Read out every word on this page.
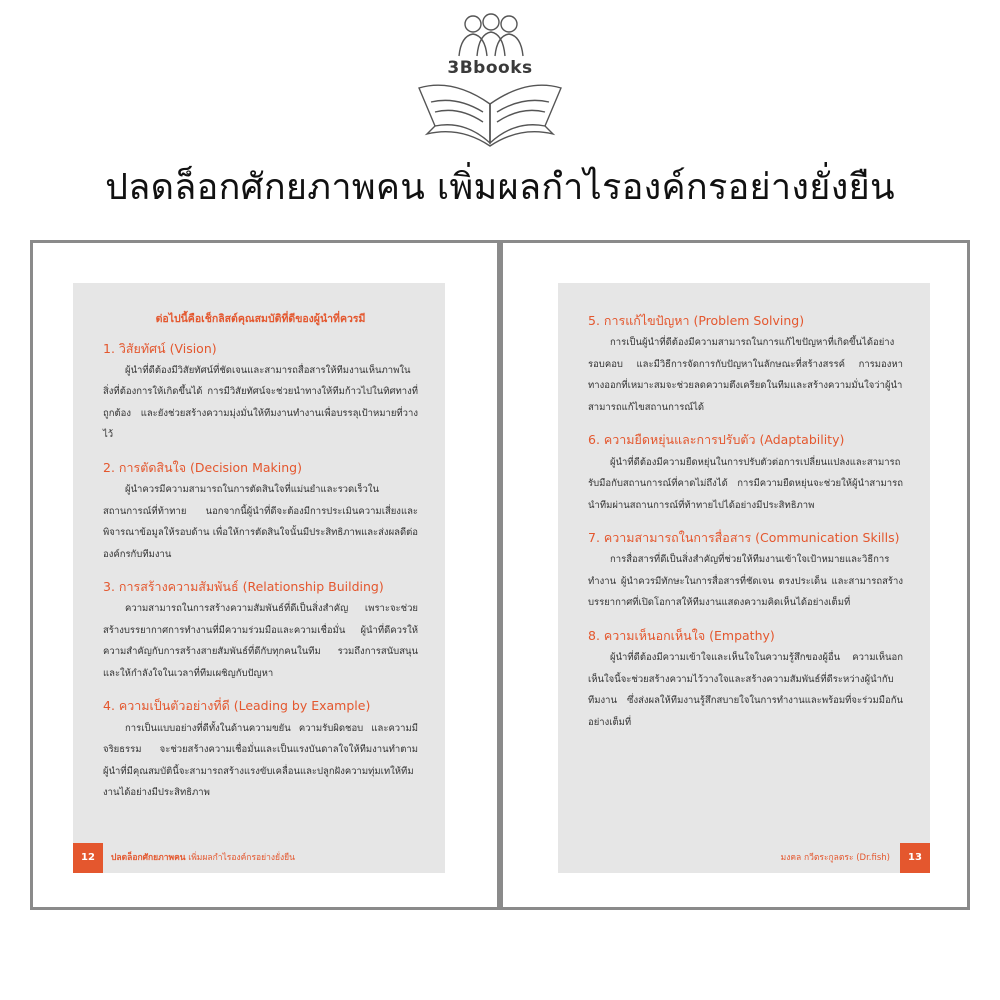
3Bbooks
ปลดล็อกศักยภาพคน เพิ่มผลกำไรองค์กรอย่างยั่งยืน

ต่อไปนี้คือเช็กลิสต์คุณสมบัติที่ดีของผู้นำที่ควรมี

1. วิสัยทัศน์ (Vision)

ผู้นำที่ดีต้องมีวิสัยทัศน์ที่ชัดเจนและสามารถสื่อสารให้ทีมงานเห็นภาพในสิ่งที่ต้องการให้เกิดขึ้นได้ การมีวิสัยทัศน์จะช่วยนำทางให้ทีมก้าวไปในทิศทางที่ถูกต้อง และยังช่วยสร้างความมุ่งมั่นให้ทีมงานทำงานเพื่อบรรลุเป้าหมายที่วางไว้

2. การตัดสินใจ (Decision Making)

ผู้นำควรมีความสามารถในการตัดสินใจที่แม่นยำและรวดเร็วในสถานการณ์ที่ท้าทาย นอกจากนี้ผู้นำที่ดีจะต้องมีการประเมินความเสี่ยงและพิจารณาข้อมูลให้รอบด้าน เพื่อให้การตัดสินใจนั้นมีประสิทธิภาพและส่งผลดีต่อองค์กรกับทีมงาน

3. การสร้างความสัมพันธ์ (Relationship Building)

ความสามารถในการสร้างความสัมพันธ์ที่ดีเป็นสิ่งสำคัญ เพราะจะช่วยสร้างบรรยากาศการทำงานที่มีความร่วมมือและความเชื่อมั่น ผู้นำที่ดีควรให้ความสำคัญกับการสร้างสายสัมพันธ์ที่ดีกับทุกคนในทีม รวมถึงการสนับสนุนและให้กำลังใจในเวลาที่ทีมเผชิญกับปัญหา

4. ความเป็นตัวอย่างที่ดี (Leading by Example)

การเป็นแบบอย่างที่ดีทั้งในด้านความขยัน ความรับผิดชอบ และความมีจริยธรรม จะช่วยสร้างความเชื่อมั่นและเป็นแรงบันดาลใจให้ทีมงานทำตาม ผู้นำที่มีคุณสมบัตินี้จะสามารถสร้างแรงขับเคลื่อนและปลูกฝังความทุ่มเทให้ทีมงานได้อย่างมีประสิทธิภาพ

12	ปลดล็อกศักยภาพคน เพิ่มผลกำไรองค์กรอย่างยั่งยืน

5. การแก้ไขปัญหา (Problem Solving)

การเป็นผู้นำที่ดีต้องมีความสามารถในการแก้ไขปัญหาที่เกิดขึ้นได้อย่างรอบคอบ และมีวิธีการจัดการกับปัญหาในลักษณะที่สร้างสรรค์ การมองหาทางออกที่เหมาะสมจะช่วยลดความตึงเครียดในทีมและสร้างความมั่นใจว่าผู้นำสามารถแก้ไขสถานการณ์ได้

6. ความยืดหยุ่นและการปรับตัว (Adaptability)

ผู้นำที่ดีต้องมีความยืดหยุ่นในการปรับตัวต่อการเปลี่ยนแปลงและสามารถรับมือกับสถานการณ์ที่คาดไม่ถึงได้ การมีความยืดหยุ่นจะช่วยให้ผู้นำสามารถนำทีมผ่านสถานการณ์ที่ท้าทายไปได้อย่างมีประสิทธิภาพ

7. ความสามารถในการสื่อสาร (Communication Skills)

การสื่อสารที่ดีเป็นสิ่งสำคัญที่ช่วยให้ทีมงานเข้าใจเป้าหมายและวิธีการทำงาน ผู้นำควรมีทักษะในการสื่อสารที่ชัดเจน ตรงประเด็น และสามารถสร้างบรรยากาศที่เปิดโอกาสให้ทีมงานแสดงความคิดเห็นได้อย่างเต็มที่

8. ความเห็นอกเห็นใจ (Empathy)

ผู้นำที่ดีต้องมีความเข้าใจและเห็นใจในความรู้สึกของผู้อื่น ความเห็นอกเห็นใจนี้จะช่วยสร้างความไว้วางใจและสร้างความสัมพันธ์ที่ดีระหว่างผู้นำกับทีมงาน ซึ่งส่งผลให้ทีมงานรู้สึกสบายใจในการทำงานและพร้อมที่จะร่วมมือกันอย่างเต็มที่

มงคล กวีตระกูลตระ (Dr.fish)	13
